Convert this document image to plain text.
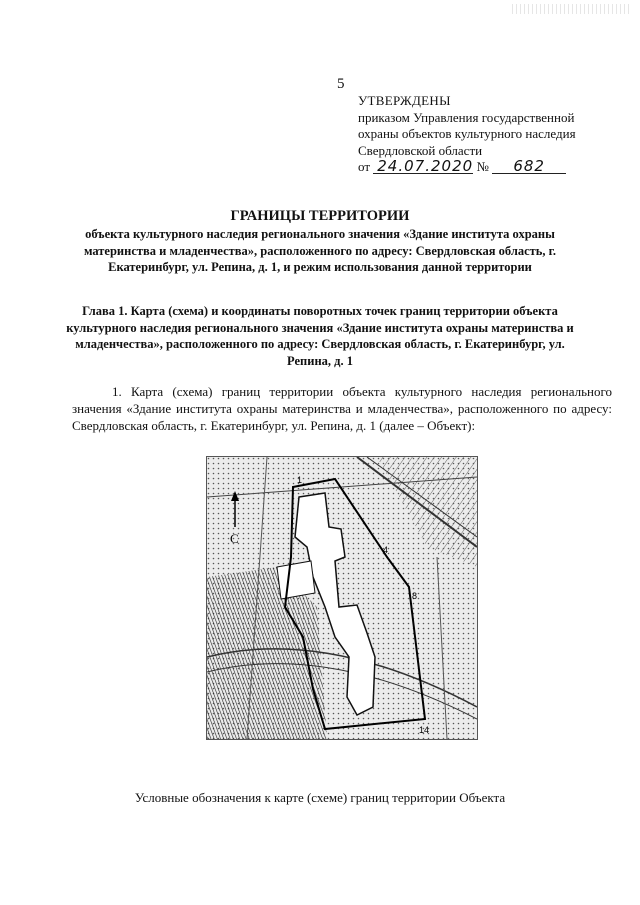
5
УТВЕРЖДЕНЫ
приказом Управления государственной
охраны объектов культурного наследия
Свердловской области
от 24.07.2020 № 682
ГРАНИЦЫ ТЕРРИТОРИИ
объекта культурного наследия регионального значения «Здание института охраны материнства и младенчества», расположенного по адресу: Свердловская область, г. Екатеринбург, ул. Репина, д. 1, и режим использования данной территории
Глава 1. Карта (схема) и координаты поворотных точек границ территории объекта культурного наследия регионального значения «Здание института охраны материнства и младенчества», расположенного по адресу: Свердловская область, г. Екатеринбург, ул. Репина, д. 1
1. Карта (схема) границ территории объекта культурного наследия регионального значения «Здание института охраны материнства и младенчества», расположенного по адресу: Свердловская область, г. Екатеринбург, ул. Репина, д. 1 (далее – Объект):
С
1
4
8
14
Условные обозначения к карте (схеме) границ территории Объекта
